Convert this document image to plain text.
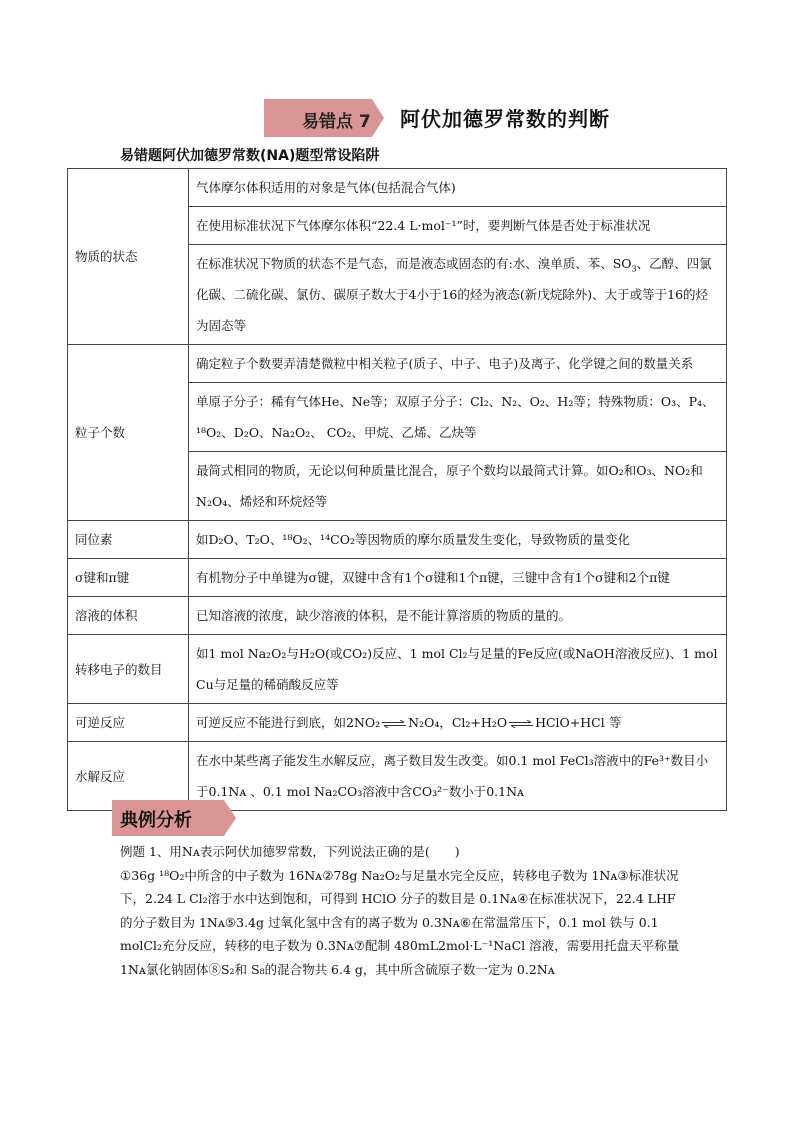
易错点 7 阿伏加德罗常数的判断
易错题阿伏加德罗常数(NA)题型常设陷阱
物质的状态	气体摩尔体积适用的对象是气体(包括混合气体)
	在使用标准状况下气体摩尔体积“22.4 L·mol⁻¹”时，要判断气体是否处于标准状况
	在标准状况下物质的状态不是气态，而是液态或固态的有:水、溴单质、苯、$SO_3$、乙醇、四氯化碳、二硫化碳、氯仿、碳原子数大于4小于16的烃为液态(新戊烷除外)、大于或等于16的烃为固态等
粒子个数	确定粒子个数要弄清楚微粒中相关粒子(质子、中子、电子)及离子、化学键之间的数量关系
	单原子分子：稀有气体He、Ne等；双原子分子：Cl₂、N₂、O₂、H₂等；特殊物质：O₃、P₄、¹⁸O₂、D₂O、Na₂O₂、 CO₂、甲烷、乙烯、乙炔等
	最简式相同的物质，无论以何种质量比混合，原子个数均以最简式计算。如O₂和O₃、NO₂和N₂O₄、烯烃和环烷烃等
同位素	如D₂O、T₂O、¹⁸O₂、¹⁴CO₂等因物质的摩尔质量发生变化，导致物质的量变化
σ键和π键	有机物分子中单键为σ键，双键中含有1个σ键和1个π键，三键中含有1个σ键和2个π键
溶液的体积	已知溶液的浓度，缺少溶液的体积，是不能计算溶质的物质的量的。
转移电子的数目	如1 mol Na₂O₂与H₂O(或CO₂)反应、1 mol Cl₂与足量的Fe反应(或NaOH溶液反应)、1 mol Cu与足量的稀硝酸反应等
可逆反应	可逆反应不能进行到底，如2NO₂ ⇌ N₂O₄，Cl₂+H₂O ⇌ HClO+HCl 等
水解反应	在水中某些离子能发生水解反应，离子数目发生改变。如0.1 mol FeCl₃溶液中的Fe³⁺数目小于0.1Nᴀ 、0.1 mol Na₂CO₃溶液中含CO₃²⁻数小于0.1Nᴀ
典例分析

例题 1、用Nᴀ表示阿伏加德罗常数，下列说法正确的是(　　)

①36g ¹⁸O₂中所含的中子数为 16Nᴀ②78g Na₂O₂与足量水完全反应，转移电子数为 1Nᴀ③标准状况下，2.24 L Cl₂溶于水中达到饱和，可得到 HClO 分子的数目是 0.1Nᴀ④在标准状况下，22.4 LHF 的分子数目为 1Nᴀ⑤3.4g 过氧化氢中含有的离子数为 0.3Nᴀ⑥在常温常压下，0.1 mol 铁与 0.1 molCl₂充分反应，转移的电子数为 0.3Nᴀ⑦配制 480mL2mol·L⁻¹NaCl 溶液，需要用托盘天平称量 1Nᴀ氯化钠固体⑧S₂和 S₈的混合物共 6.4 g，其中所含硫原子数一定为 0.2Nᴀ
